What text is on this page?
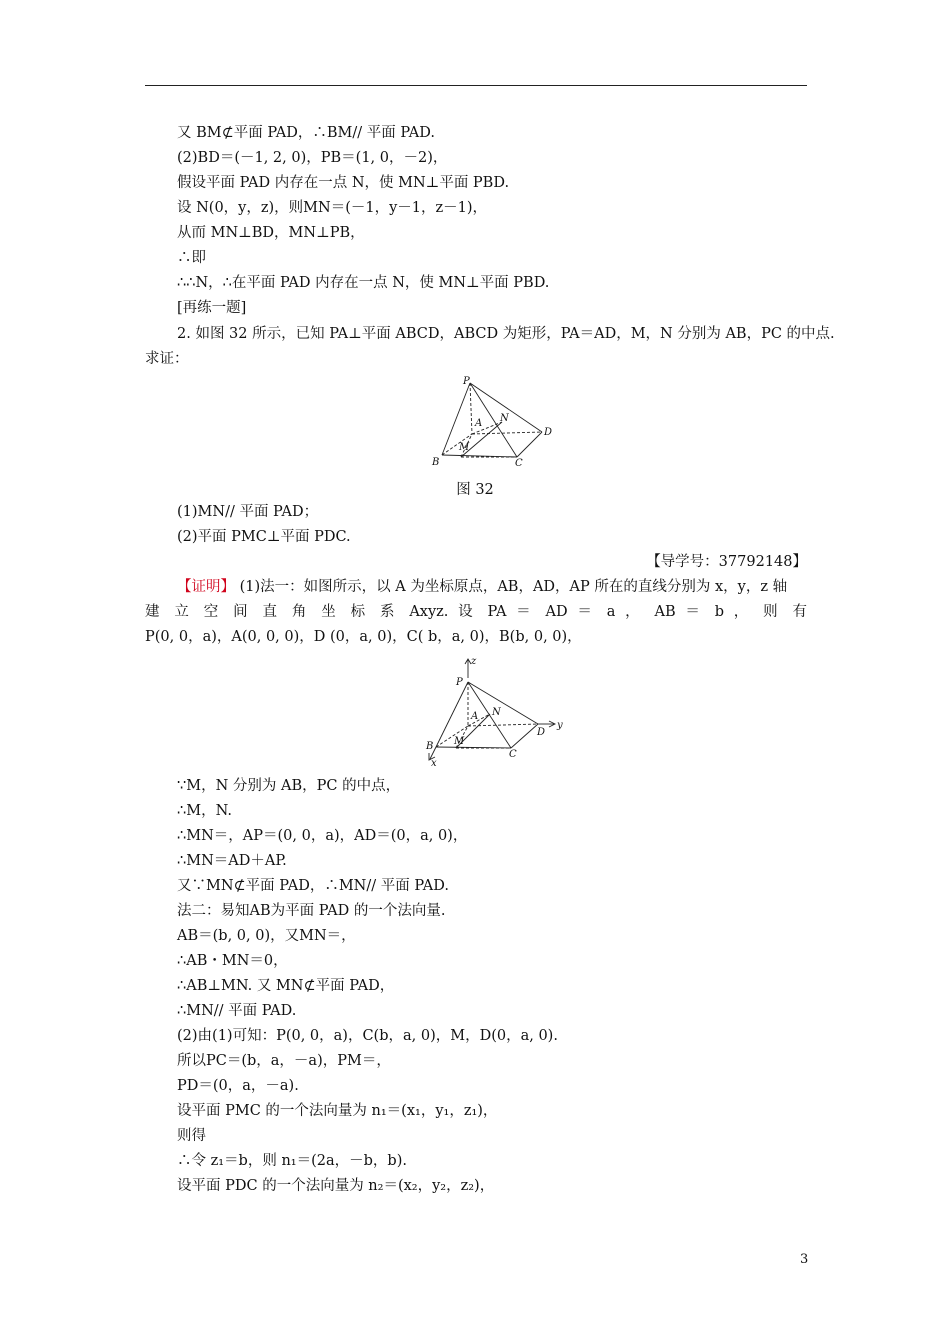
又 BM⊄平面 PAD，∴BM// 平面 PAD.
(2)BD＝(－1, 2, 0)，PB＝(1, 0，－2)，
假设平面 PAD 内存在一点 N，使 MN⊥平面 PBD.
设 N(0，y，z)，则MN＝(－1，y－1，z－1)，
从而 MN⊥BD，MN⊥PB，
∴即
∴∴N，∴在平面 PAD 内存在一点 N，使 MN⊥平面 PBD.
[再练一题]
2. 如图 32 所示，已知 PA⊥平面 ABCD，ABCD 为矩形，PA＝AD，M，N 分别为 AB，PC 的中点.
求证：
P
A N
D
M
B	C
图 32
(1)MN// 平面 PAD；
(2)平面 PMC⊥平面 PDC.
【导学号：37792148】
【证明】 (1)法一：如图所示，以 A 为坐标原点，AB，AD，AP 所在的直线分别为 x，y，z 轴
建 立 空 间 直 角 坐 标 系 Axyz. 设 PA ＝ AD ＝ a ， AB ＝ b ， 则 有
P(0, 0，a)，A(0, 0, 0)，D (0，a, 0)，C( b，a, 0)，B(b, 0, 0)，
z
P
A N
D
y
B M
C
x
∵M，N 分别为 AB，PC 的中点，
∴M，N.
∴MN＝，AP＝(0, 0，a)，AD＝(0，a, 0)，
∴MN＝AD＋AP.
又∵MN⊄平面 PAD，∴MN// 平面 PAD.
法二：易知AB为平面 PAD 的一个法向量.
AB＝(b, 0, 0)，又MN＝，
∴AB・MN＝0，
∴AB⊥MN. 又 MN⊄平面 PAD，
∴MN// 平面 PAD.
(2)由(1)可知：P(0, 0，a)，C(b，a, 0)，M，D(0，a, 0).
所以PC＝(b，a，－a)，PM＝，
PD＝(0，a，－a).
设平面 PMC 的一个法向量为 n₁＝(x₁，y₁，z₁)，
则得
∴令 z₁＝b，则 n₁＝(2a，－b，b).
设平面 PDC 的一个法向量为 n₂＝(x₂，y₂，z₂)，
3
